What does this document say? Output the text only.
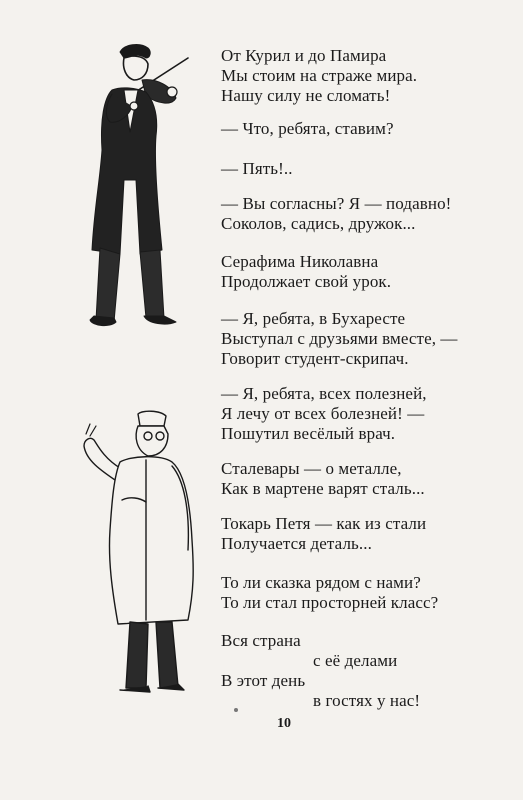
От Курил и до Памира
Мы стоим на страже мира.
Нашу силу не сломать!
— Что, ребята, ставим?
— Пять!..
— Вы согласны? Я — подавно!
Соколов, садись, дружок...
Серафима Николавна
Продолжает свой урок.
— Я, ребята, в Бухаресте
Выступал с друзьями вместе, —
Говорит студент-скрипач.
— Я, ребята, всех полезней,
Я лечу от всех болезней! —
Пошутил весёлый врач.
Сталевары — о металле,
Как в мартене варят сталь...
Токарь Петя — как из стали
Получается деталь...
То ли сказка рядом с нами?
То ли стал просторней класс?
Вся страна
с её делами
В этот день
в гостях у нас!
10
